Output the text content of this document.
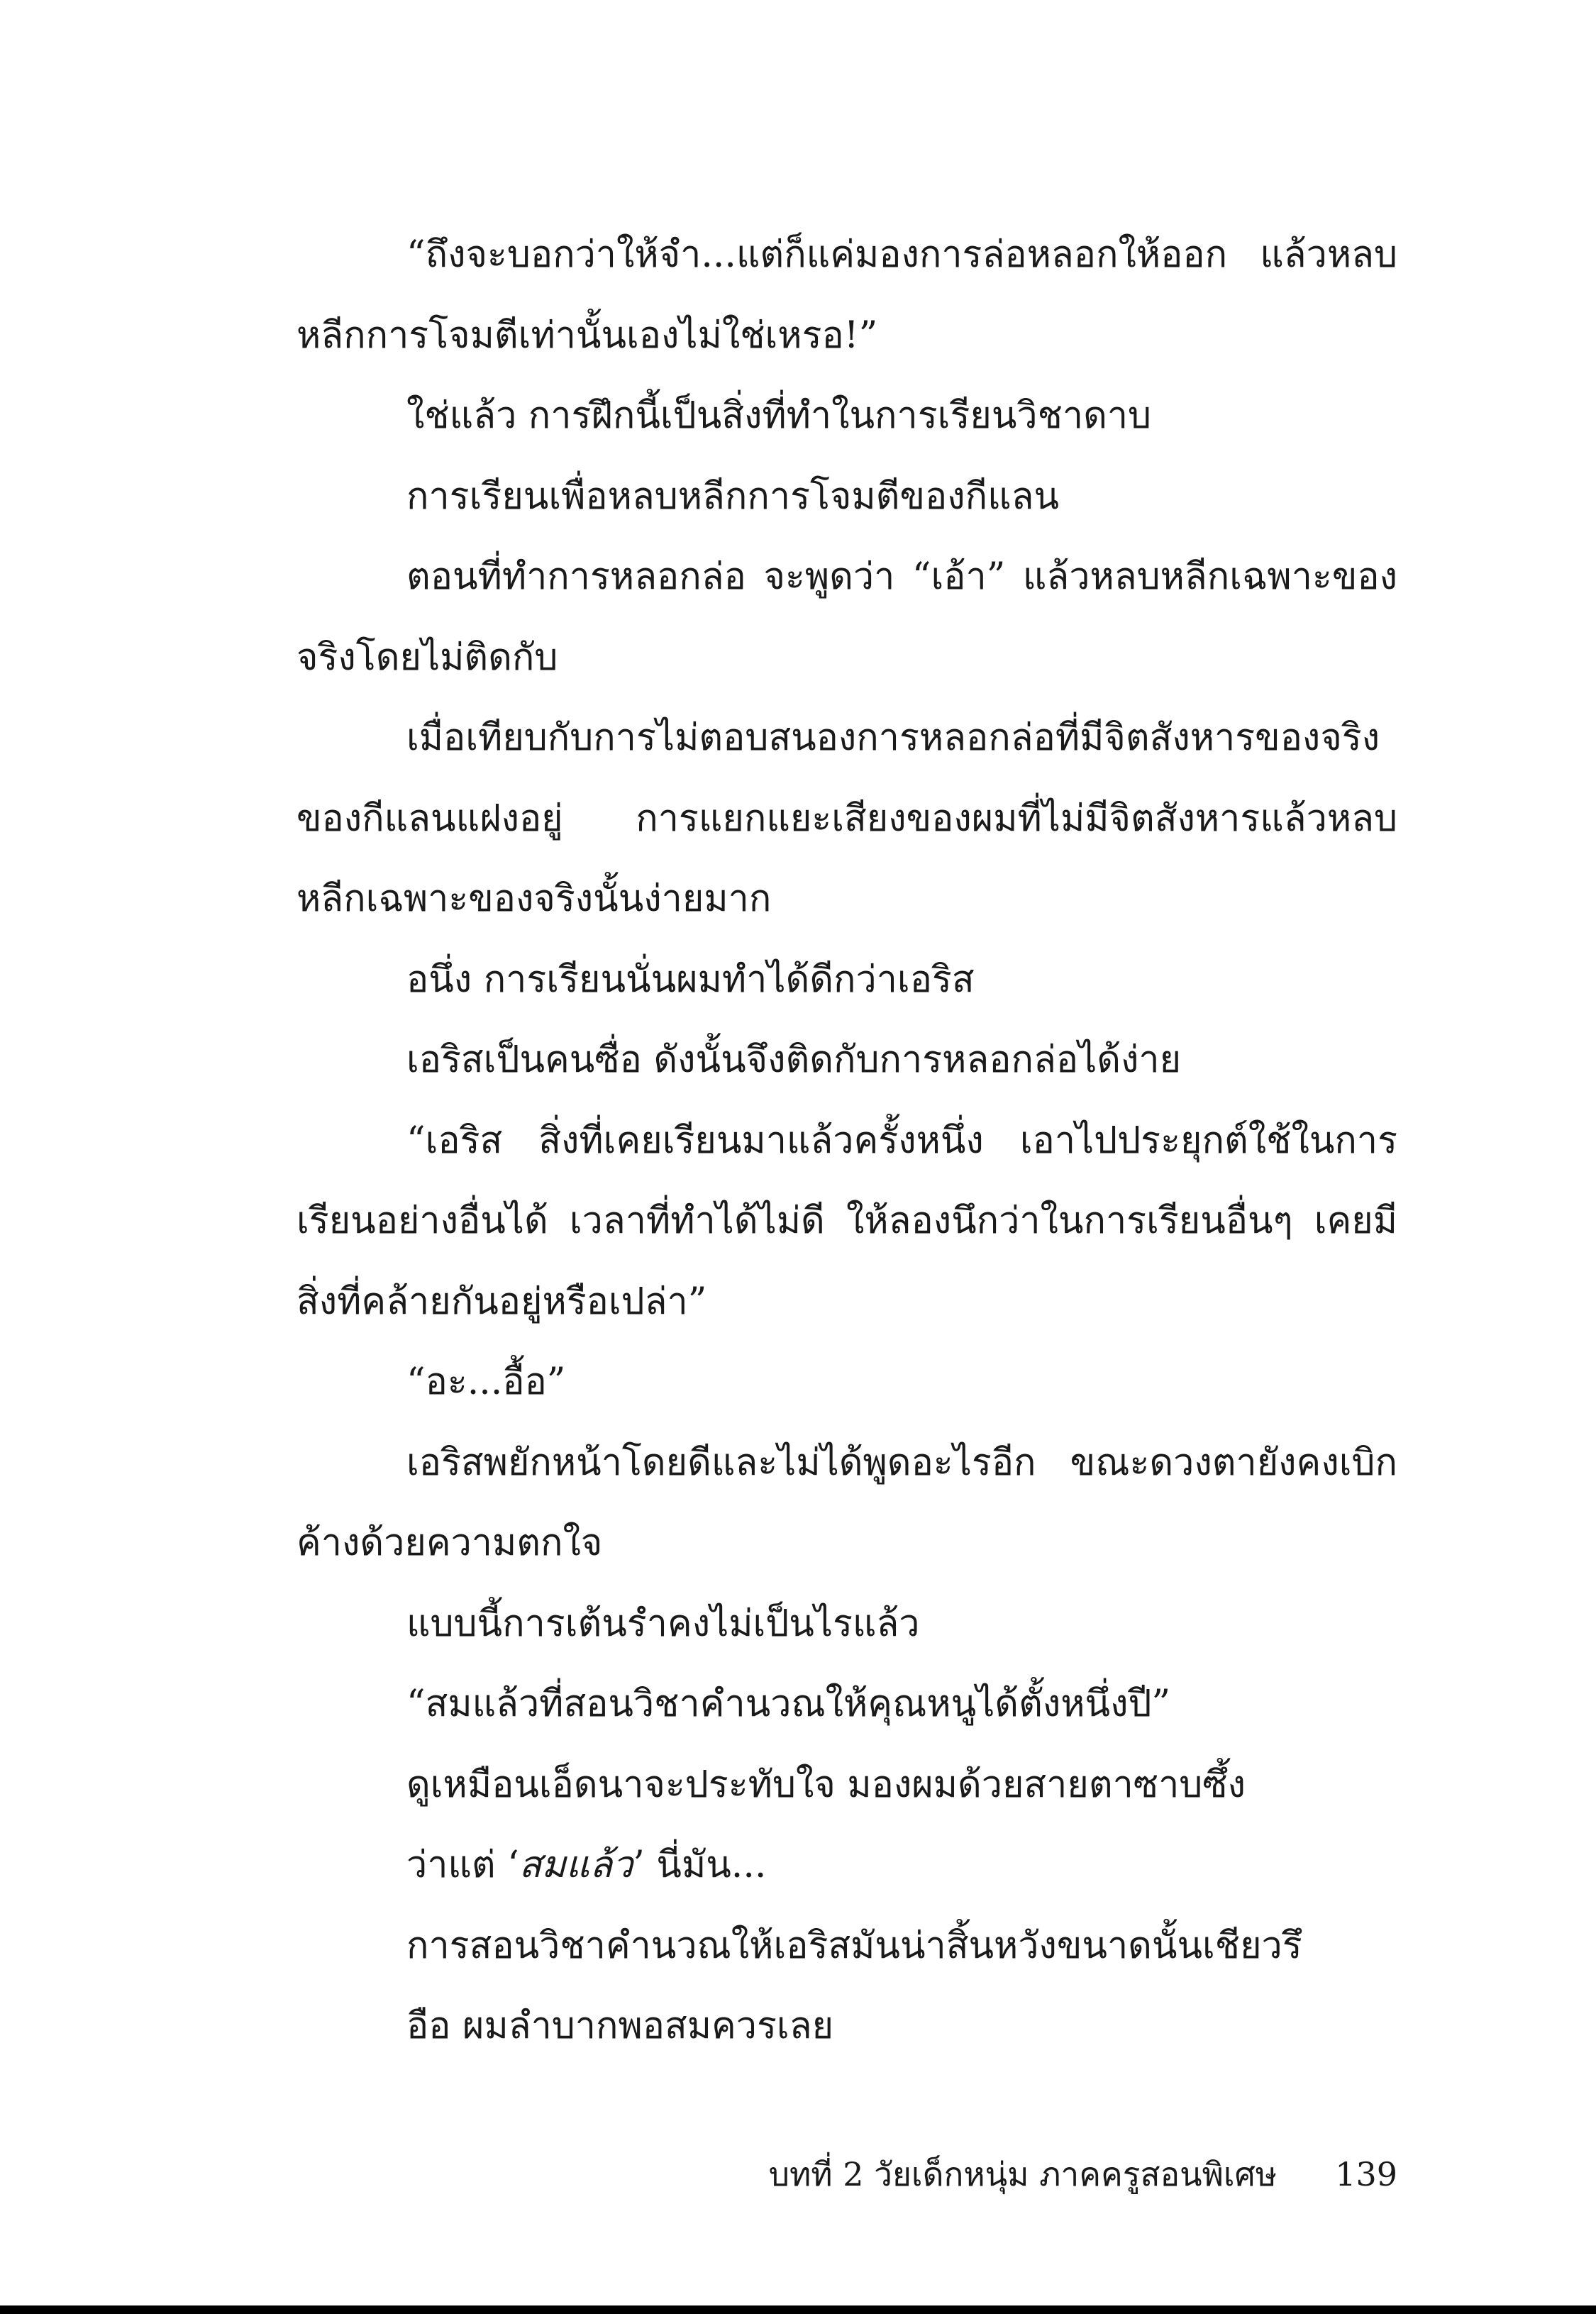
“ถึงจะบอกว่าให้จำ...แต่ก็แค่มองการล่อหลอกให้ออก แล้วหลบหลีกการโจมตีเท่านั้นเองไม่ใช่เหรอ!”

ใช่แล้ว การฝึกนี้เป็นสิ่งที่ทำในการเรียนวิชาดาบ

การเรียนเพื่อหลบหลีกการโจมตีของกีแลน

ตอนที่ทำการหลอกล่อ จะพูดว่า “เอ้า” แล้วหลบหลีกเฉพาะของจริงโดยไม่ติดกับ

เมื่อเทียบกับการไม่ตอบสนองการหลอกล่อที่มีจิตสังหารของจริงของกีแลนแฝงอยู่ การแยกแยะเสียงของผมที่ไม่มีจิตสังหารแล้วหลบหลีกเฉพาะของจริงนั้นง่ายมาก

อนึ่ง การเรียนนั่นผมทำได้ดีกว่าเอริส

เอริสเป็นคนซื่อ ดังนั้นจึงติดกับการหลอกล่อได้ง่าย

“เอริส สิ่งที่เคยเรียนมาแล้วครั้งหนึ่ง เอาไปประยุกต์ใช้ในการเรียนอย่างอื่นได้ เวลาที่ทำได้ไม่ดี ให้ลองนึกว่าในการเรียนอื่นๆ เคยมีสิ่งที่คล้ายกันอยู่หรือเปล่า”

“อะ...อื้อ”

เอริสพยักหน้าโดยดีและไม่ได้พูดอะไรอีก ขณะดวงตายังคงเบิกค้างด้วยความตกใจ

แบบนี้การเต้นรำคงไม่เป็นไรแล้ว

“สมแล้วที่สอนวิชาคำนวณให้คุณหนูได้ตั้งหนึ่งปี”

ดูเหมือนเอ็ดนาจะประทับใจ มองผมด้วยสายตาซาบซึ้ง

ว่าแต่ ‘สมแล้ว’ นี่มัน...

การสอนวิชาคำนวณให้เอริสมันน่าสิ้นหวังขนาดนั้นเชียวรึ

อือ ผมลำบากพอสมควรเลย

บทที่ 2 วัยเด็กหนุ่ม ภาคครูสอนพิเศษ 139
